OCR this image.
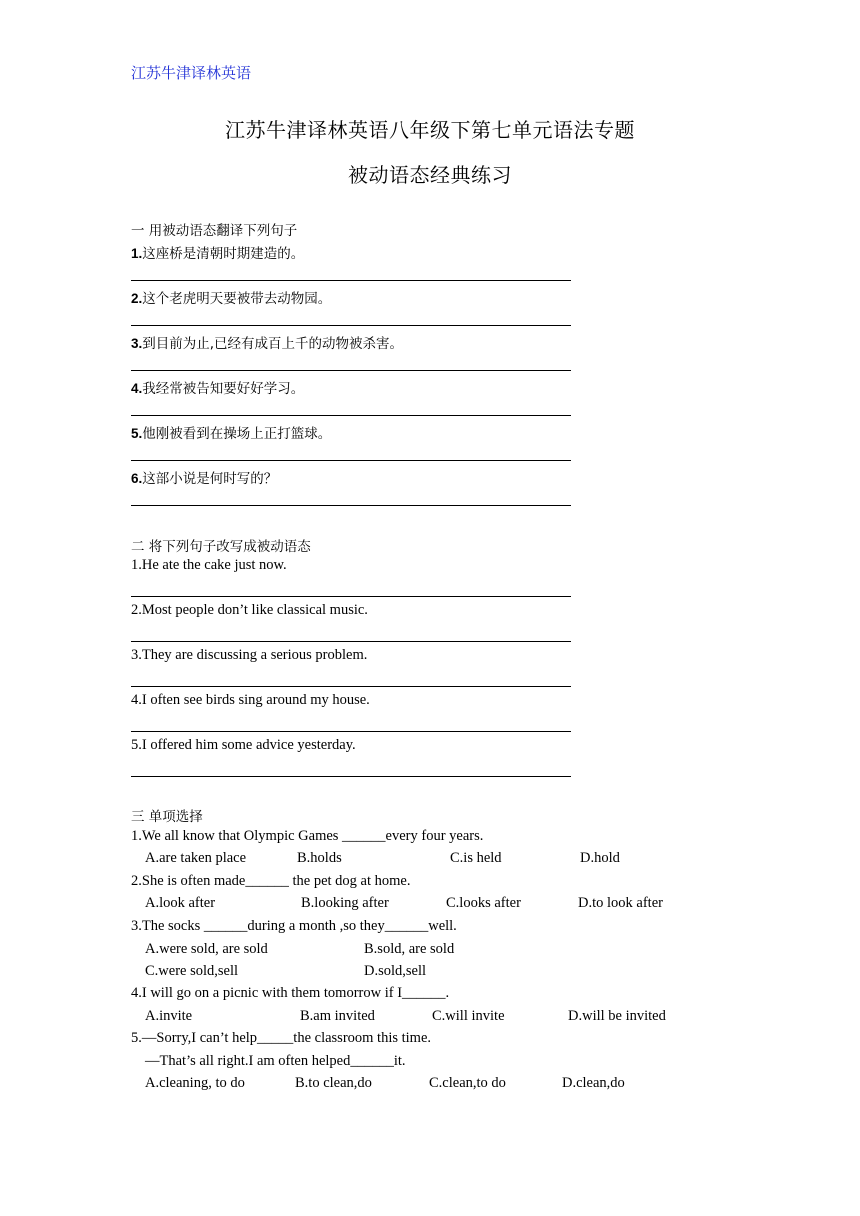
江苏牛津译林英语
江苏牛津译林英语八年级下第七单元语法专题
被动语态经典练习
一 用被动语态翻译下列句子
1.这座桥是清朝时期建造的。
2.这个老虎明天要被带去动物园。
3.到目前为止,已经有成百上千的动物被杀害。
4.我经常被告知要好好学习。
5.他刚被看到在操场上正打篮球。
6.这部小说是何时写的？
二 将下列句子改写成被动语态
1.He ate the cake just now.
2.Most people don’t like classical music.
3.They are discussing a serious problem.
4.I often see birds sing around my house.
5.I offered him some advice yesterday.
三 单项选择
1.We all know that Olympic Games ______every four years.
A.are taken place	B.holds	C.is held	D.hold
2.She is often made______ the pet dog at home.
A.look after	B.looking after	C.looks after	D.to look after
3.The socks ______during a month ,so they______well.
A.were sold, are sold	B.sold, are sold
C.were sold,sell	D.sold,sell
4.I will go on a picnic with them tomorrow if I______.
A.invite	B.am invited	C.will invite	D.will be invited
5.—Sorry,I can’t help_____the classroom this time.
—That’s all right.I am often helped______it.
A.cleaning, to do	B.to clean,do	C.clean,to do	D.clean,do
